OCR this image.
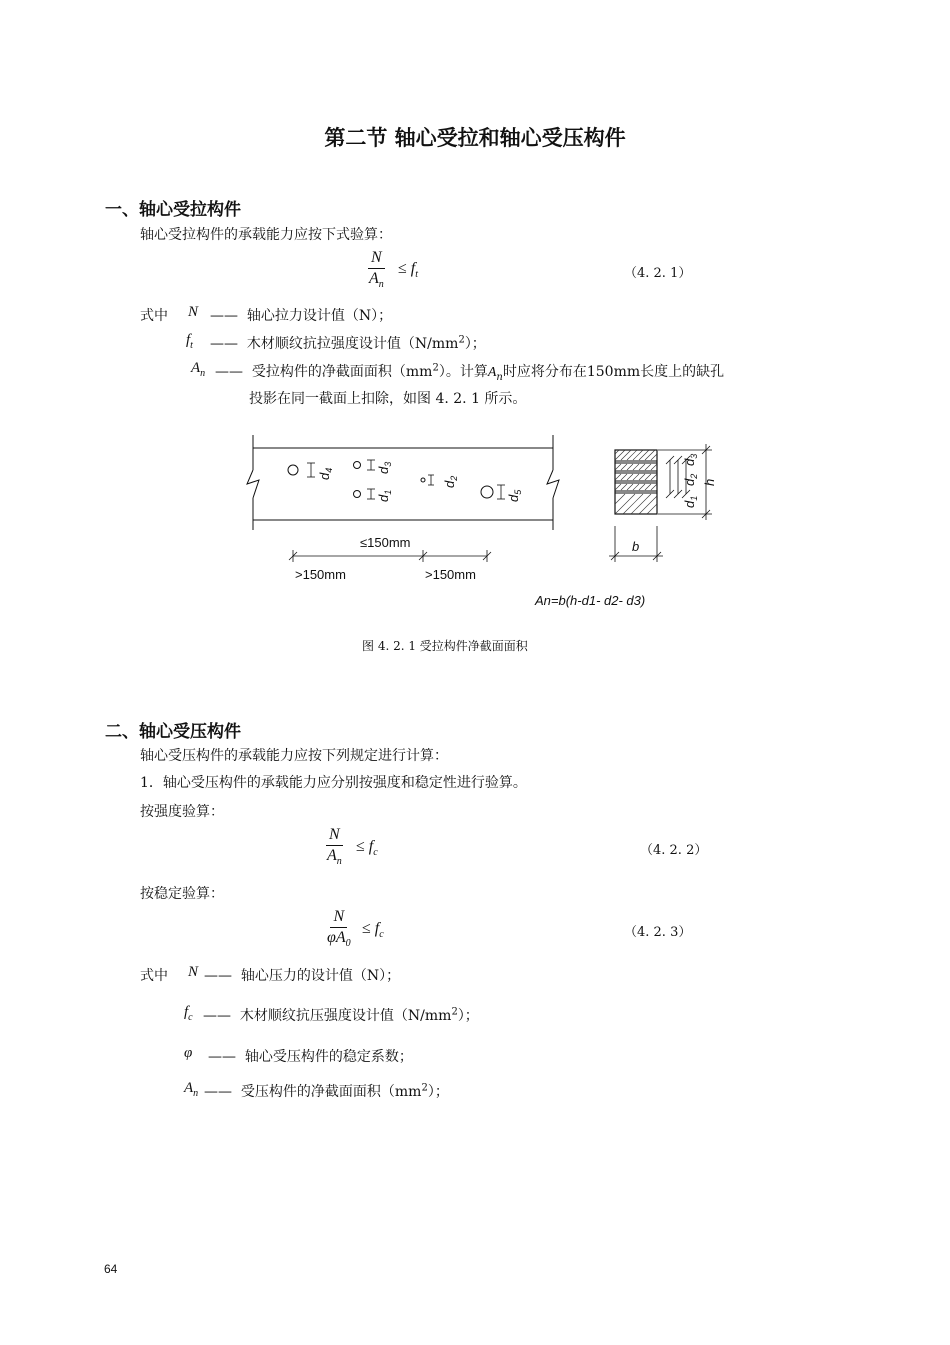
第二节 轴心受拉和轴心受压构件
一、轴心受拉构件
轴心受拉构件的承载能力应按下式验算：
$\frac{N}{A_n} \le f_t$	（4. 2. 1）
式中 N —— 轴心拉力设计值（N）；
$f_t$ —— 木材顺纹抗拉强度设计值$(N/mm^2)$；
$A_n$ —— 受拉构件的净截面面积$(mm^2)$。计算$A_n$时应将分布在150mm长度上的缺孔
投影在同一截面上扣除，如图 4. 2. 1 所示。
$d_4$	$d_3$
$d_1$
$d_2$
$d_5$
≤150mm
>150mm	>150mm
$d_1$
$d_2$
$d_3$
h
b
An=b(h-d1- d2- d3)
图 4. 2. 1 受拉构件净截面面积
二、轴心受压构件
轴心受压构件的承载能力应按下列规定进行计算：
1．轴心受压构件的承载能力应分别按强度和稳定性进行验算。
按强度验算：
$\frac{N}{A_n} \le f_c$	（4. 2. 2）
按稳定验算：
$\frac{N}{\varphi A_0} \le f_c$	（4. 2. 3）
式中 N —— 轴心压力的设计值（N）；
$f_c$ —— 木材顺纹抗压强度设计值$(N/mm^2)$；
φ —— 轴心受压构件的稳定系数；
$A_n$ —— 受压构件的净截面面积$(mm^2)$；
64
